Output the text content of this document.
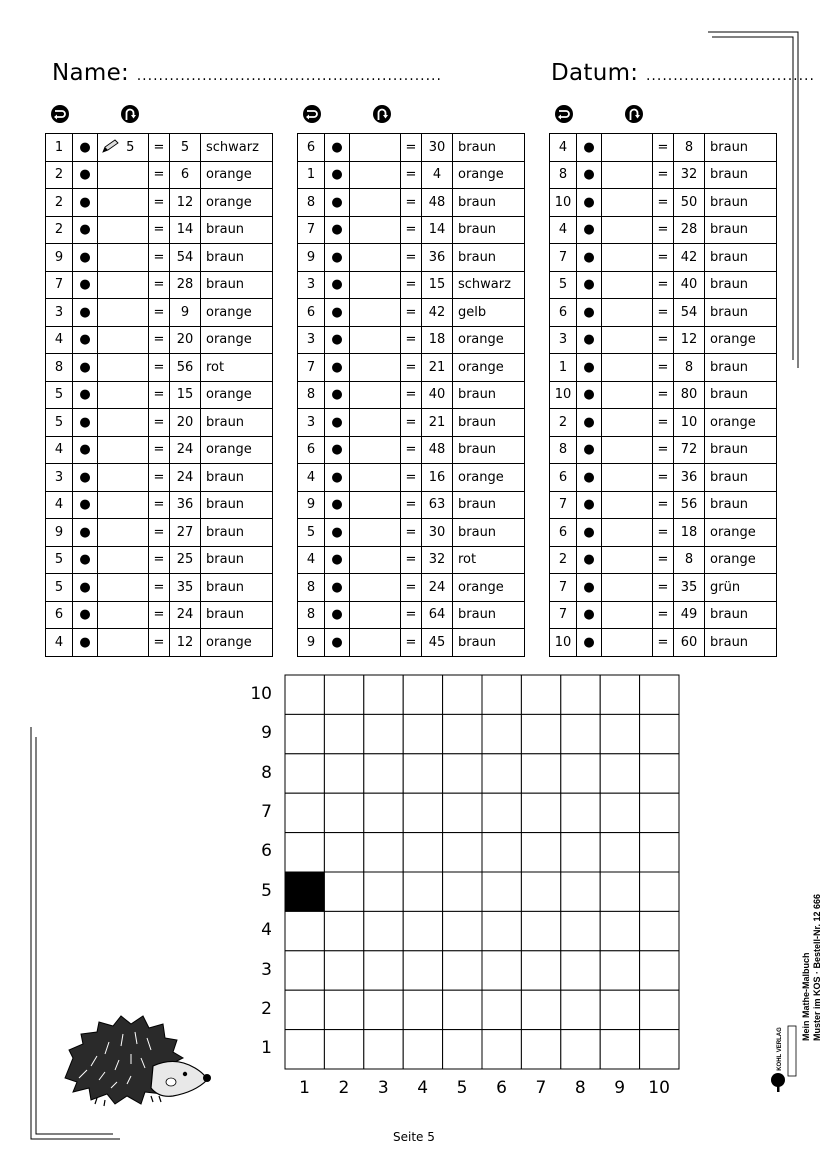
Name: ........................................................	Datum: ...............................
1	●	5	=	5	schwarz
2	●		=	6	orange
2	●		=	12	orange
2	●		=	14	braun
9	●		=	54	braun
7	●		=	28	braun
3	●		=	9	orange
4	●		=	20	orange
8	●		=	56	rot
5	●		=	15	orange
5	●		=	20	braun
4	●		=	24	orange
3	●		=	24	braun
4	●		=	36	braun
9	●		=	27	braun
5	●		=	25	braun
5	●		=	35	braun
6	●		=	24	braun
4	●		=	12	orange
6	●		=	30	braun
1	●		=	4	orange
8	●		=	48	braun
7	●		=	14	braun
9	●		=	36	braun
3	●		=	15	schwarz
6	●		=	42	gelb
3	●		=	18	orange
7	●		=	21	orange
8	●		=	40	braun
3	●		=	21	braun
6	●		=	48	braun
4	●		=	16	orange
9	●		=	63	braun
5	●		=	30	braun
4	●		=	32	rot
8	●		=	24	orange
8	●		=	64	braun
9	●		=	45	braun
4	●		=	8	braun
8	●		=	32	braun
10	●		=	50	braun
4	●		=	28	braun
7	●		=	42	braun
5	●		=	40	braun
6	●		=	54	braun
3	●		=	12	orange
1	●		=	8	braun
10	●		=	80	braun
2	●		=	10	orange
8	●		=	72	braun
6	●		=	36	braun
7	●		=	56	braun
6	●		=	18	orange
2	●		=	8	orange
7	●		=	35	grün
7	●		=	49	braun
10	●		=	60	braun
10
9
8
7
6
5
4
3
2
1
1	2	3	4	5	6	7	8	9	10
Seite 5
Mein Mathe-Malbuch Muster im KOS · Bestell-Nr. 12 666
KOHL VERLAG
